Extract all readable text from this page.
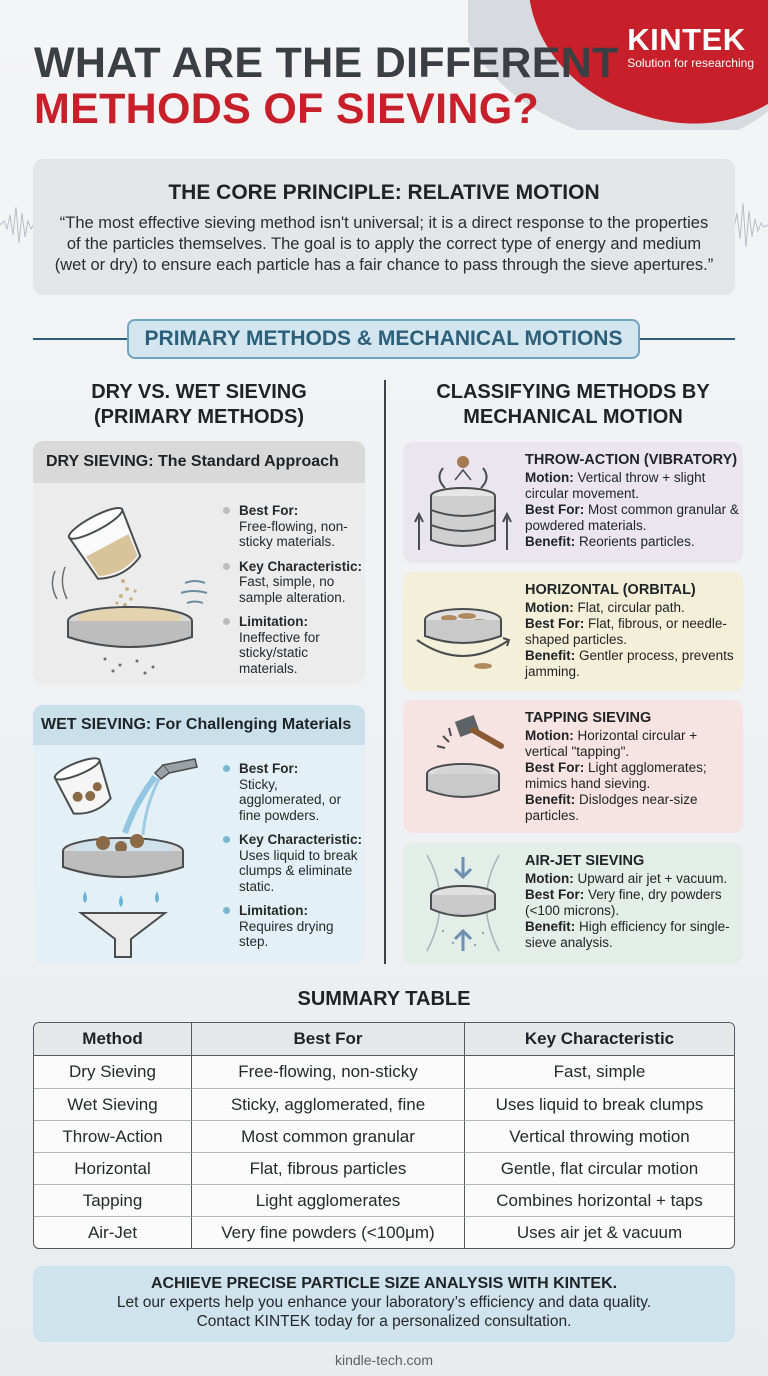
KINTEK
Solution for researching
WHAT ARE THE DIFFERENT
METHODS OF SIEVING?
THE CORE PRINCIPLE: RELATIVE MOTION

“The most effective sieving method isn't universal; it is a direct response to the properties of the particles themselves. The goal is to apply the correct type of energy and medium (wet or dry) to ensure each particle has a fair chance to pass through the sieve apertures.”

PRIMARY METHODS & MECHANICAL MOTIONS
DRY VS. WET SIEVING
(PRIMARY METHODS)
CLASSIFYING METHODS BY
MECHANICAL MOTION
DRY SIEVING: The Standard Approach
Best For:
Free-flowing, non-sticky materials.
Key Characteristic:
Fast, simple, no sample alteration.
Limitation:
Ineffective for sticky/static materials.
WET SIEVING: For Challenging Materials
Best For:
Sticky, agglomerated, or fine powders.
Key Characteristic:
Uses liquid to break clumps & eliminate static.
Limitation:
Requires drying step.
THROW-ACTION (VIBRATORY)
Motion: Vertical throw + slight circular movement.
Best For: Most common granular & powdered materials.
Benefit: Reorients particles.
HORIZONTAL (ORBITAL)
Motion: Flat, circular path.
Best For: Flat, fibrous, or needle-shaped particles.
Benefit: Gentler process, prevents jamming.
TAPPING SIEVING
Motion: Horizontal circular + vertical "tapping".
Best For: Light agglomerates; mimics hand sieving.
Benefit: Dislodges near-size particles.
AIR-JET SIEVING
Motion: Upward air jet + vacuum.
Best For: Very fine, dry powders (<100 microns).
Benefit: High efficiency for single-sieve analysis.
SUMMARY TABLE
Method	Best For	Key Characteristic
Dry Sieving	Free-flowing, non-sticky	Fast, simple
Wet Sieving	Sticky, agglomerated, fine	Uses liquid to break clumps
Throw-Action	Most common granular	Vertical throwing motion
Horizontal	Flat, fibrous particles	Gentle, flat circular motion
Tapping	Light agglomerates	Combines horizontal + taps
Air-Jet	Very fine powders (<100μm)	Uses air jet & vacuum
ACHIEVE PRECISE PARTICLE SIZE ANALYSIS WITH KINTEK.
Let our experts help you enhance your laboratory’s efficiency and data quality.
Contact KINTEK today for a personalized consultation.
kindle-tech.com
